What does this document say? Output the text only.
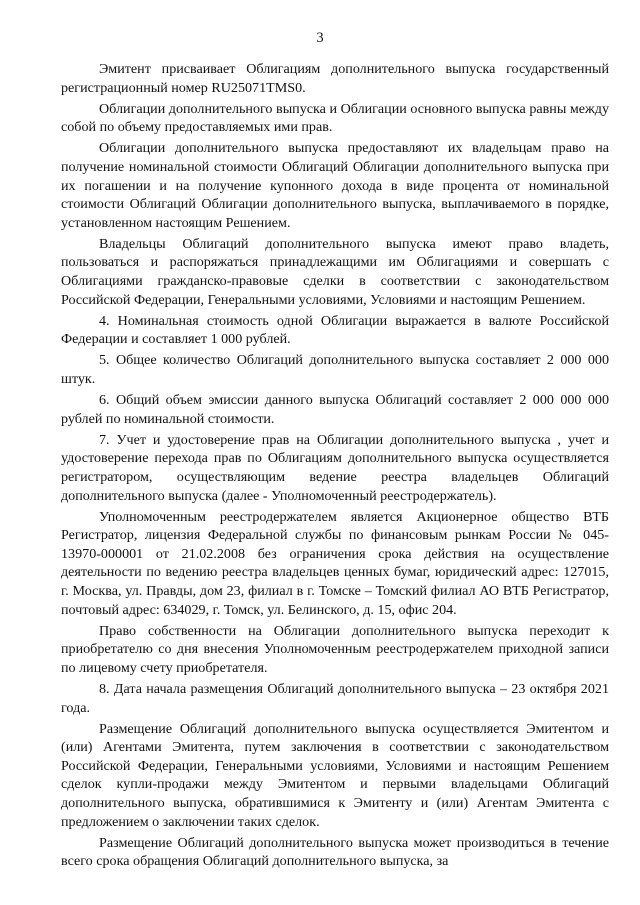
3

Эмитент присваивает Облигациям дополнительного выпуска государственный регистрационный номер RU25071TMS0.

Облигации дополнительного выпуска и Облигации основного выпуска равны между собой по объему предоставляемых ими прав.

Облигации дополнительного выпуска предоставляют их владельцам право на получение номинальной стоимости Облигаций Облигации дополнительного выпуска при их погашении и на получение купонного дохода в виде процента от номинальной стоимости Облигаций Облигации дополнительного выпуска, выплачиваемого в порядке, установленном настоящим Решением.

Владельцы Облигаций дополнительного выпуска имеют право владеть, пользоваться и распоряжаться принадлежащими им Облигациями и совершать с Облигациями гражданско-правовые сделки в соответствии с законодательством Российской Федерации, Генеральными условиями, Условиями и настоящим Решением.

4. Номинальная стоимость одной Облигации выражается в валюте Российской Федерации и составляет 1 000 рублей.

5. Общее количество Облигаций дополнительного выпуска составляет 2 000 000 штук.

6. Общий объем эмиссии данного выпуска Облигаций составляет 2 000 000 000 рублей по номинальной стоимости.

7. Учет и удостоверение прав на Облигации дополнительного выпуска , учет и удостоверение перехода прав по Облигациям дополнительного выпуска осуществляется регистратором, осуществляющим ведение реестра владельцев Облигаций дополнительного выпуска (далее - Уполномоченный реестродержатель).

Уполномоченным реестродержателем является Акционерное общество ВТБ Регистратор, лицензия Федеральной службы по финансовым рынкам России № 045-13970-000001 от 21.02.2008 без ограничения срока действия на осуществление деятельности по ведению реестра владельцев ценных бумаг, юридический адрес: 127015, г. Москва, ул. Правды, дом 23, филиал в г. Томске – Томский филиал АО ВТБ Регистратор, почтовый адрес: 634029, г. Томск, ул. Белинского, д. 15, офис 204.

Право собственности на Облигации дополнительного выпуска переходит к приобретателю со дня внесения Уполномоченным реестродержателем приходной записи по лицевому счету приобретателя.

8. Дата начала размещения Облигаций дополнительного выпуска – 23 октября 2021 года.

Размещение Облигаций дополнительного выпуска осуществляется Эмитентом и (или) Агентами Эмитента, путем заключения в соответствии с законодательством Российской Федерации, Генеральными условиями, Условиями и настоящим Решением сделок купли-продажи между Эмитентом и первыми владельцами Облигаций дополнительного выпуска, обратившимися к Эмитенту и (или) Агентам Эмитента с предложением о заключении таких сделок.

Размещение Облигаций дополнительного выпуска может производиться в течение всего срока обращения Облигаций дополнительного выпуска, за
